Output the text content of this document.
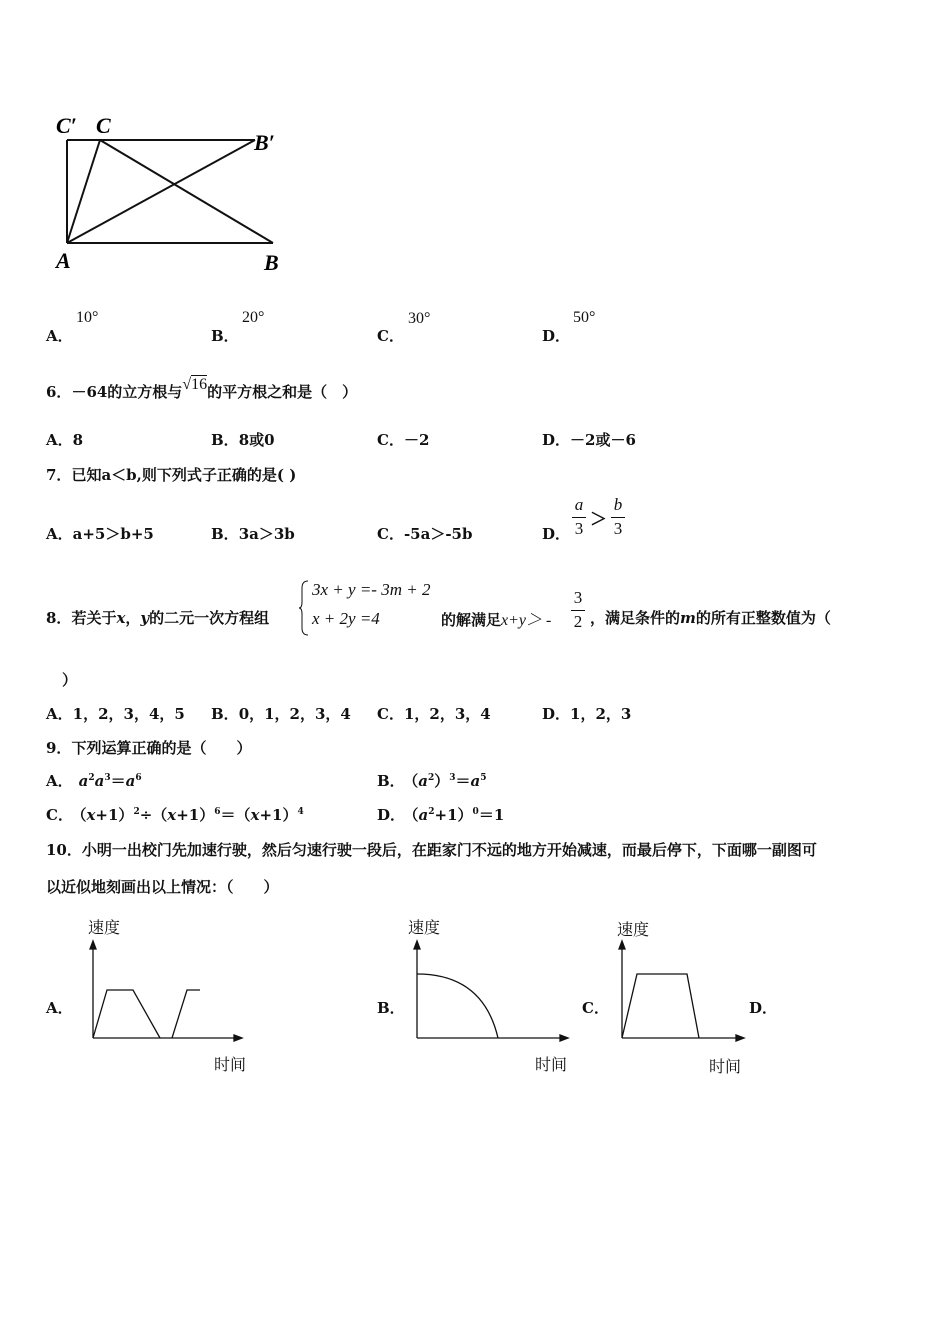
C′ C
B′
A	B
A．
10°
B．
20°
C．
30°
D．
50°
6．－64的立方根与√16的平方根之和是（　）
A．8	B．8或0	C．－2	D．－2或－6
7．已知a＜b,则下列式子正确的是( )
A．a+5＞b+5	B．3a＞3b	C．-5a＞-5b	D． $\frac{a}{3} > \frac{b}{3}$
8．若关于x，y的二元一次方程组
3x + y =- 3m + 2
x + 2y =4	的解满足$x+y> - \frac{3}{2}$ ，满足条件的m的所有正整数值为（
）
A．1，2，3，4，5 B．0，1，2，3，4 C．1，2，3，4	D．1，2，3
9．下列运算正确的是（　　）
A． $a^2a^3=a^6$	B． $(a^2)^3=a^5$
C． $(x+1)^2\div(x+1)^6=(x+1)^4$	D． $(a^2+1)^0=1$
10．小明一出校门先加速行驶，然后匀速行驶一段后，在距家门不远的地方开始减速，而最后停下，下面哪一副图可
以近似地刻画出以上情况：（　　）
A．
速度
时间
B．
速度
时间
C．
速度
时间
D．
